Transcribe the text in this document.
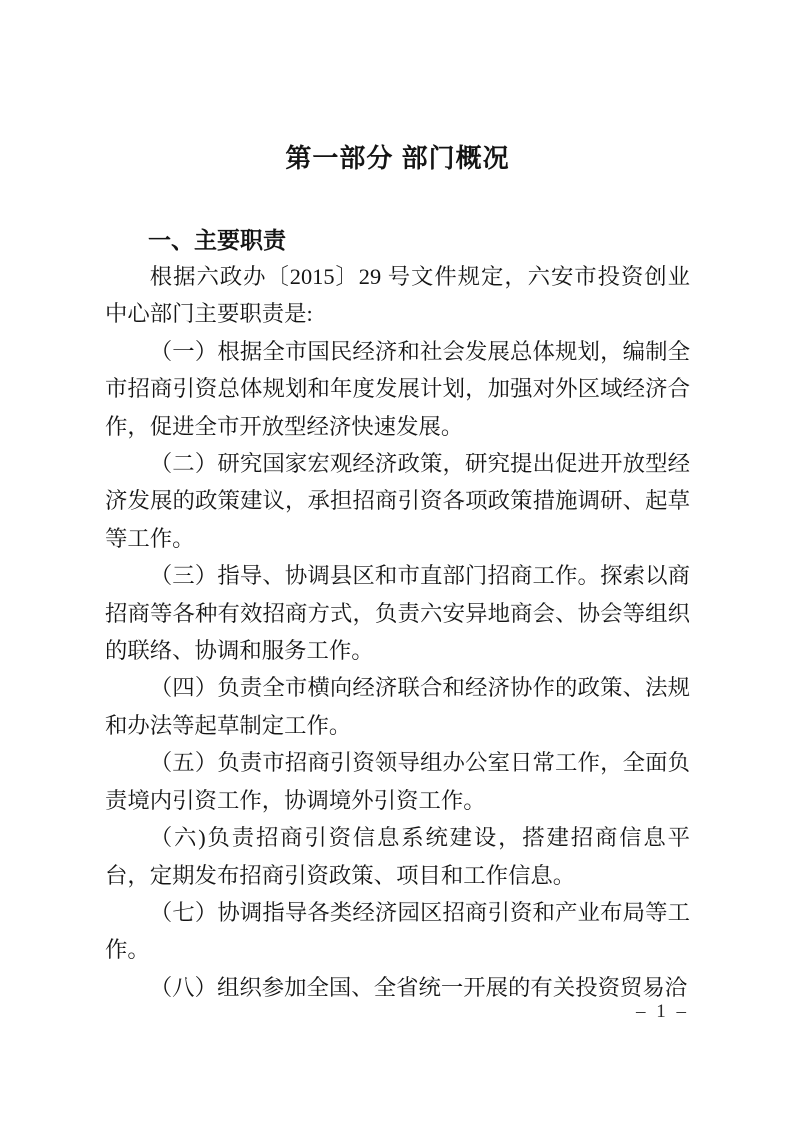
第一部分 部门概况
一、主要职责

根据六政办〔2015〕29 号文件规定，六安市投资创业中心部门主要职责是:

（一）根据全市国民经济和社会发展总体规划，编制全市招商引资总体规划和年度发展计划，加强对外区域经济合作，促进全市开放型经济快速发展。

（二）研究国家宏观经济政策，研究提出促进开放型经济发展的政策建议，承担招商引资各项政策措施调研、起草等工作。

（三）指导、协调县区和市直部门招商工作。探索以商招商等各种有效招商方式，负责六安异地商会、协会等组织的联络、协调和服务工作。

（四）负责全市横向经济联合和经济协作的政策、法规和办法等起草制定工作。

（五）负责市招商引资领导组办公室日常工作，全面负责境内引资工作，协调境外引资工作。

（六)负责招商引资信息系统建设，搭建招商信息平台，定期发布招商引资政策、项目和工作信息。

（七）协调指导各类经济园区招商引资和产业布局等工作。

（八）组织参加全国、全省统一开展的有关投资贸易洽

– 1 –
